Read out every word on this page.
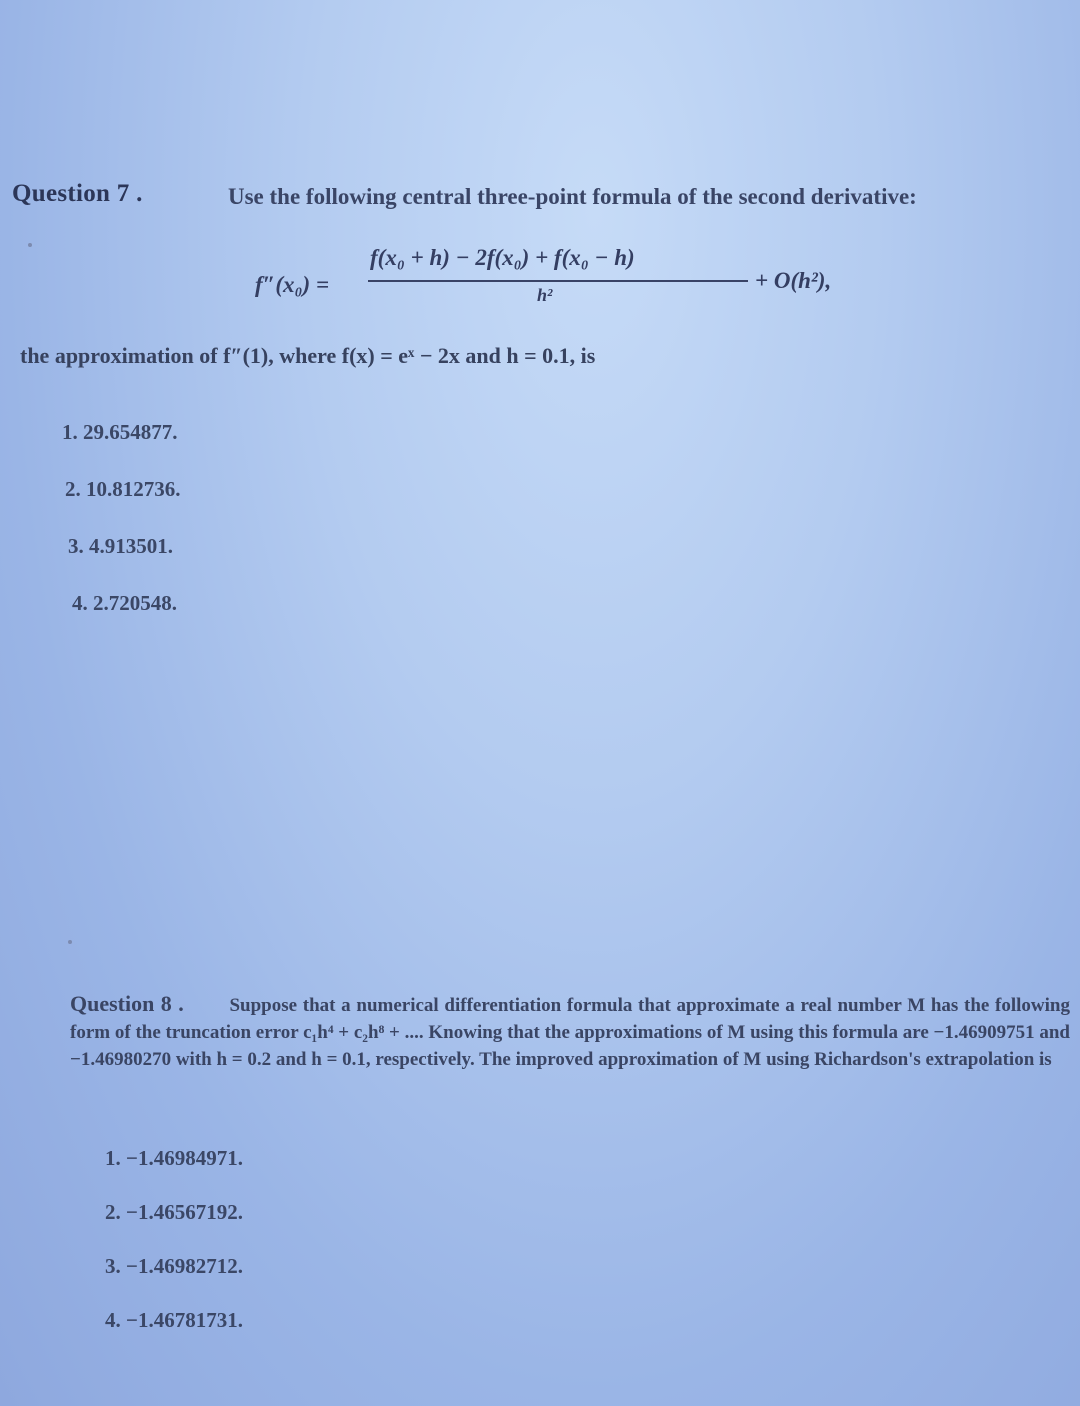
Question 7 .	Use the following central three-point formula of the second derivative:
f″(x₀) =
f(x₀ + h) − 2f(x₀) + f(x₀ − h)
h²
+ O(h²),
the approximation of f″(1), where f(x) = eˣ − 2x and h = 0.1, is
1. 29.654877.
2. 10.812736.
3. 4.913501.
4. 2.720548.
Question 8 . Suppose that a numerical differentiation formula that approximate a real number M has the following form of the truncation error c₁h⁴ + c₂h⁸ + .... Knowing that the approximations of M using this formula are −1.46909751 and −1.46980270 with h = 0.2 and h = 0.1, respectively. The improved approximation of M using Richardson's extrapolation is
1. −1.46984971.
2. −1.46567192.
3. −1.46982712.
4. −1.46781731.
